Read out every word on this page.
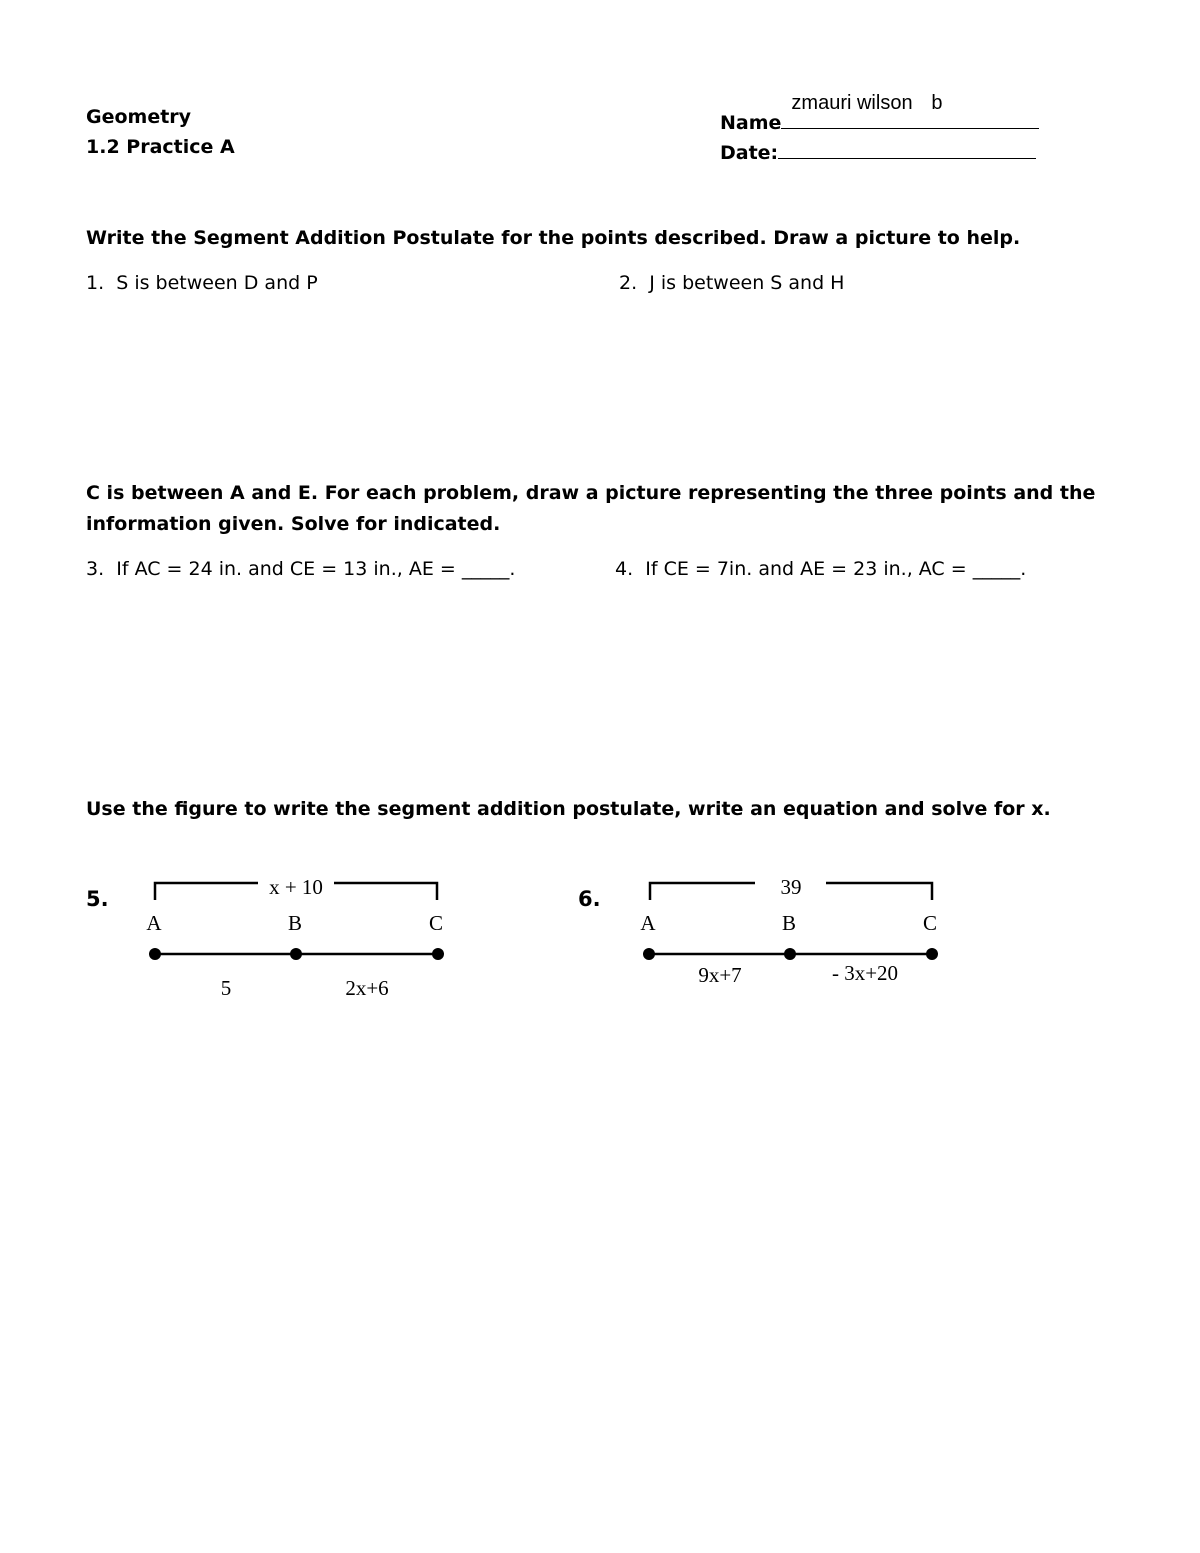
Geometry
1.2 Practice A
Name
zmauri wilson b
Date:
Write the Segment Addition Postulate for the points described. Draw a picture to help.
1. S is between D and P	2. J is between S and H
C is between A and E. For each problem, draw a picture representing the three points and the
information given. Solve for indicated.
3. If AC = 24 in. and CE = 13 in., AE = _____.	4. If CE = 7in. and AE = 23 in., AC = _____.
Use the figure to write the segment addition postulate, write an equation and solve for x.
5.	x + 10
A	B	C
5	2x+6
6.	39
A	B	C
9x+7	- 3x+20
